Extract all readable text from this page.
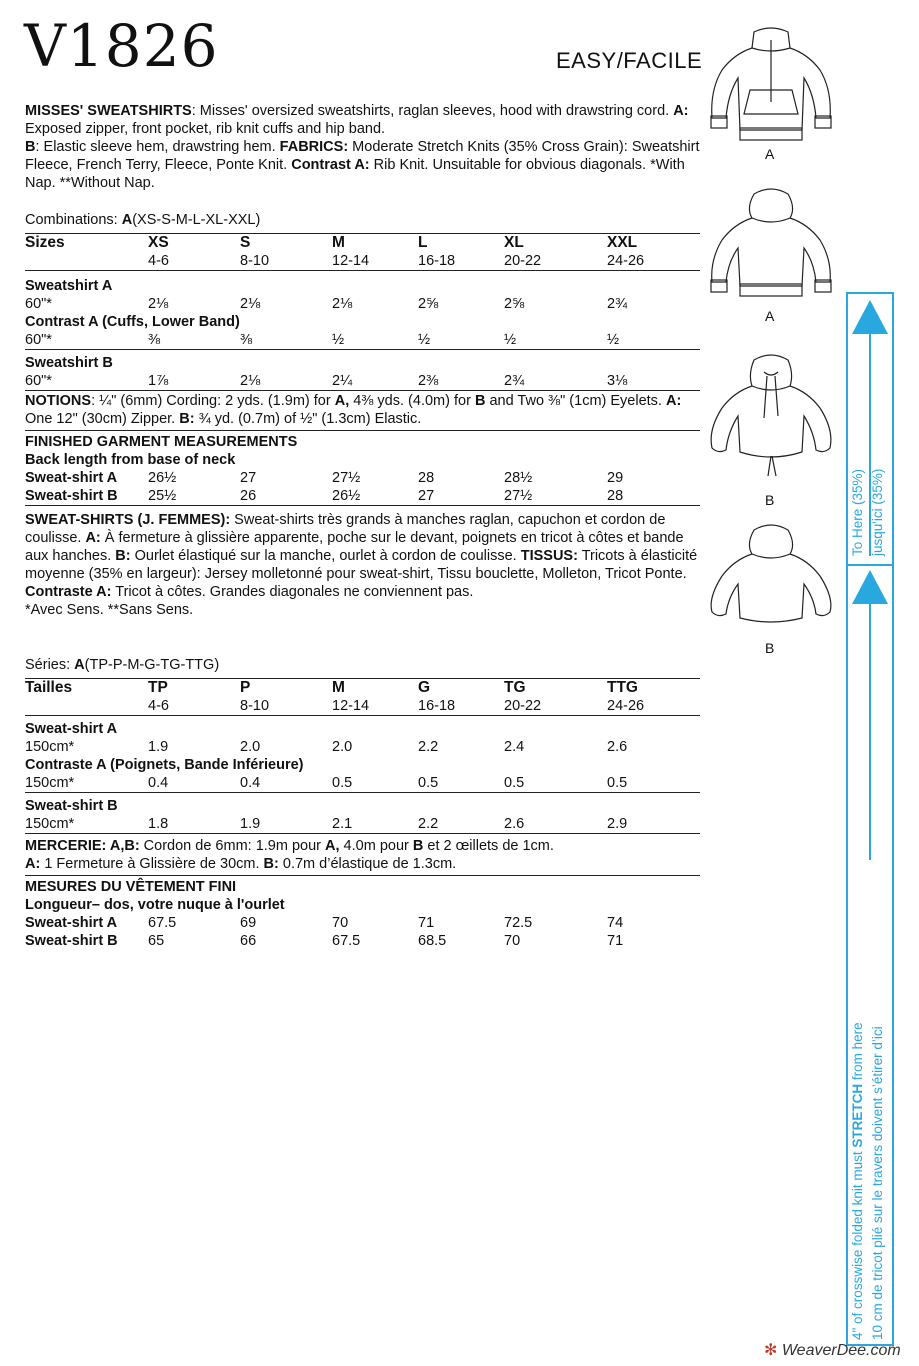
V1826	EASY/FACILE

MISSES' SWEATSHIRTS: Misses' oversized sweatshirts, raglan sleeves, hood with drawstring cord. A: Exposed zipper, front pocket, rib knit cuffs and hip band.
B: Elastic sleeve hem, drawstring hem. FABRICS: Moderate Stretch Knits (35% Cross Grain): Sweatshirt Fleece, French Terry, Fleece, Ponte Knit. Contrast A: Rib Knit. Unsuitable for obvious diagonals. *With Nap. **Without Nap.

Combinations: A(XS-S-M-L-XL-XXL)
Sizes	XS	S	M	L	XL	XXL
	4-6	8-10	12-14	16-18	20-22	24-26

Sweatshirt A						
60"*	2⅛	2⅛	2⅛	2⅝	2⅝	2¾
Contrast A (Cuffs, Lower Band)						
60"*	⅜	⅜	½	½	½	½

Sweatshirt B						
60"*	1⅞	2⅛	2¼	2⅜	2¾	3⅛

NOTIONS: ¼" (6mm) Cording: 2 yds. (1.9m) for A, 4⅜ yds. (4.0m) for B and Two ⅜" (1cm) Eyelets. A: One 12" (30cm) Zipper. B: ¾ yd. (0.7m) of ½" (1.3cm) Elastic.

FINISHED GARMENT MEASUREMENTS
Back length from base of neck
Sweat-shirt A	26½	27	27½	28	28½	29
Sweat-shirt B	25½	26	26½	27	27½	28

SWEAT-SHIRTS (J. FEMMES): Sweat-shirts très grands à manches raglan, capuchon et cordon de coulisse. A: À fermeture à glissière apparente, poche sur le devant, poignets en tricot à côtes et bande aux hanches. B: Ourlet élastiqué sur la manche, ourlet à cordon de coulisse. TISSUS: Tricots à élasticité moyenne (35% en largeur): Jersey molletonné pour sweat-shirt, Tissu bouclette, Molleton, Tricot Ponte.
Contraste A: Tricot à côtes. Grandes diagonales ne conviennent pas.
*Avec Sens. **Sans Sens.

Séries: A(TP-P-M-G-TG-TTG)
Tailles	TP	P	M	G	TG	TTG
	4-6	8-10	12-14	16-18	20-22	24-26

Sweat-shirt A						
150cm*	1.9	2.0	2.0	2.2	2.4	2.6
Contraste A (Poignets, Bande Inférieure)						
150cm*	0.4	0.4	0.5	0.5	0.5	0.5

Sweat-shirt B						
150cm*	1.8	1.9	2.1	2.2	2.6	2.9

MERCERIE: A,B: Cordon de 6mm: 1.9m pour A, 4.0m pour B et 2 œillets de 1cm.
A: 1 Fermeture à Glissière de 30cm. B: 0.7m d’élastique de 1.3cm.

MESURES DU VÊTEMENT FINI
Longueur– dos, votre nuque à l'ourlet
Sweat-shirt A	67.5	69	70	71	72.5	74
Sweat-shirt B	65	66	67.5	68.5	70	71
A
A
B
B
To Here (35%) jusqu'ici (35%)
4" of crosswise folded knit must STRETCH from here 10 cm de tricot plié sur le travers doivent s’étirer d’ici
✻ WeaverDee.com
